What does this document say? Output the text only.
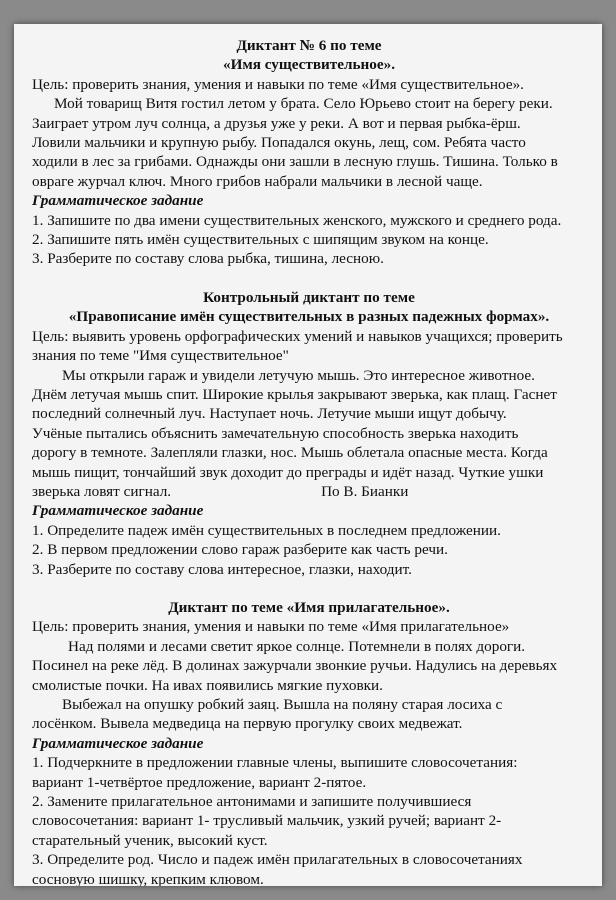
Диктант № 6 по теме

«Имя существительное».

Цель: проверить знания, умения и навыки по теме «Имя существительное».

Мой товарищ Витя гостил летом у брата. Село Юрьево стоит на берегу реки.

Заиграет утром луч солнца, а друзья уже у реки. А вот и первая рыбка-ёрш.

Ловили мальчики и крупную рыбу. Попадался окунь, лещ, сом. Ребята часто

ходили в лес за грибами. Однажды они зашли в лесную глушь. Тишина. Только в

овраге журчал ключ. Много грибов набрали мальчики в лесной чаще.

Грамматическое задание

1. Запишите по два имени существительных женского, мужского и среднего рода.

2. Запишите пять имён существительных с шипящим звуком на конце.

3. Разберите по составу слова рыбка, тишина, лесною.

Контрольный диктант по теме

«Правописание имён существительных в разных падежных формах».

Цель: выявить уровень орфографических умений и навыков учащихся; проверить

знания по теме "Имя существительное"

Мы открыли гараж и увидели летучую мышь. Это интересное животное.

Днём летучая мышь спит. Широкие крылья закрывают зверька, как плащ. Гаснет

последний солнечный луч. Наступает ночь. Летучие мыши ищут добычу.

Учёные пытались объяснить замечательную способность зверька находить

дорогу в темноте. Залепляли глазки, нос. Мышь облетала опасные места. Когда

мышь пищит, тончайший звук доходит до преграды и идёт назад. Чуткие ушки

зверька ловят сигнал.	По В. Бианки

Грамматическое задание

1. Определите падеж имён существительных в последнем предложении.

2. В первом предложении слово гараж разберите как часть речи.

3. Разберите по составу слова интересное, глазки, находит.

Диктант по теме «Имя прилагательное».

Цель: проверить знания, умения и навыки по теме «Имя прилагательное»

Над полями и лесами светит яркое солнце. Потемнели в полях дороги.

Посинел на реке лёд. В долинах зажурчали звонкие ручьи. Надулись на деревьях

смолистые почки. На ивах появились мягкие пуховки.

Выбежал на опушку робкий заяц. Вышла на поляну старая лосиха с

лосёнком. Вывела медведица на первую прогулку своих медвежат.

Грамматическое задание

1. Подчеркните в предложении главные члены, выпишите словосочетания:

вариант 1-четвёртое предложение, вариант 2-пятое.

2. Замените прилагательное антонимами и запишите получившиеся

словосочетания: вариант 1- трусливый мальчик, узкий ручей; вариант 2-

старательный ученик, высокий куст.

3. Определите род. Число и падеж имён прилагательных в словосочетаниях

сосновую шишку, крепким клювом.
